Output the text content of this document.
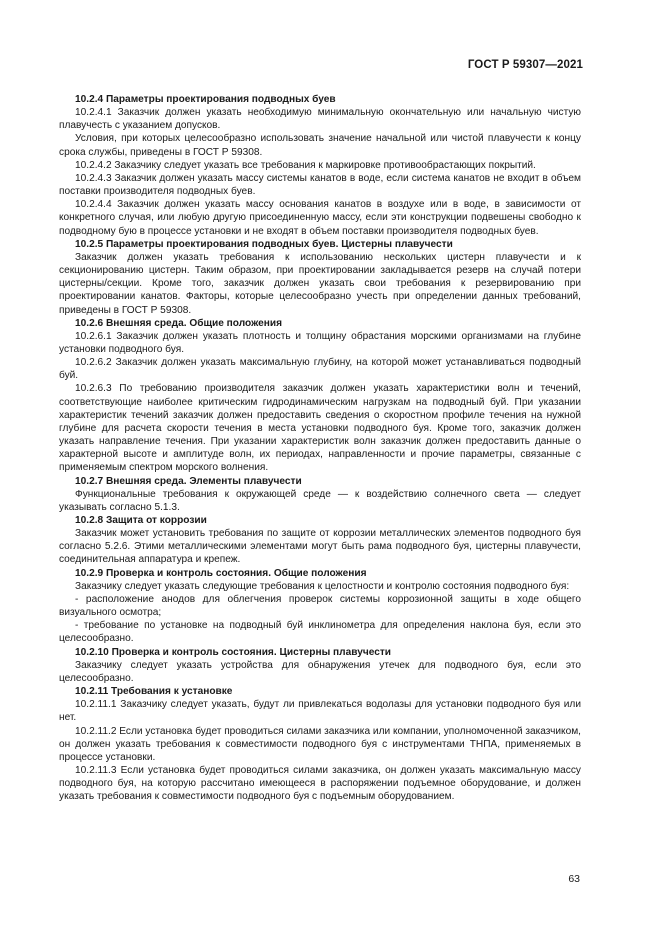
ГОСТ Р 59307—2021

10.2.4 Параметры проектирования подводных буев

10.2.4.1 Заказчик должен указать необходимую минимальную окончательную или начальную чистую плавучесть с указанием допусков.

Условия, при которых целесообразно использовать значение начальной или чистой плавучести к концу срока службы, приведены в ГОСТ Р 59308.

10.2.4.2 Заказчику следует указать все требования к маркировке противообрастающих покрытий.

10.2.4.3 Заказчик должен указать массу системы канатов в воде, если система канатов не входит в объем поставки производителя подводных буев.

10.2.4.4 Заказчик должен указать массу основания канатов в воздухе или в воде, в зависимости от конкретного случая, или любую другую присоединенную массу, если эти конструкции подвешены свободно к подводному бую в процессе установки и не входят в объем поставки производителя подводных буев.

10.2.5 Параметры проектирования подводных буев. Цистерны плавучести

Заказчик должен указать требования к использованию нескольких цистерн плавучести и к секционированию цистерн. Таким образом, при проектировании закладывается резерв на случай потери цистерны/секции. Кроме того, заказчик должен указать свои требования к резервированию при проектировании канатов. Факторы, которые целесообразно учесть при определении данных требований, приведены в ГОСТ Р 59308.

10.2.6 Внешняя среда. Общие положения

10.2.6.1 Заказчик должен указать плотность и толщину обрастания морскими организмами на глубине установки подводного буя.

10.2.6.2 Заказчик должен указать максимальную глубину, на которой может устанавливаться подводный буй.

10.2.6.3 По требованию производителя заказчик должен указать характеристики волн и течений, соответствующие наиболее критическим гидродинамическим нагрузкам на подводный буй. При указании характеристик течений заказчик должен предоставить сведения о скоростном профиле течения на нужной глубине для расчета скорости течения в места установки подводного буя. Кроме того, заказчик должен указать направление течения. При указании характеристик волн заказчик должен предоставить данные о характерной высоте и амплитуде волн, их периодах, направленности и прочие параметры, связанные с применяемым спектром морского волнения.

10.2.7 Внешняя среда. Элементы плавучести

Функциональные требования к окружающей среде — к воздействию солнечного света — следует указывать согласно 5.1.3.

10.2.8 Защита от коррозии

Заказчик может установить требования по защите от коррозии металлических элементов подводного буя согласно 5.2.6. Этими металлическими элементами могут быть рама подводного буя, цистерны плавучести, соединительная аппаратура и крепеж.

10.2.9 Проверка и контроль состояния. Общие положения

Заказчику следует указать следующие требования к целостности и контролю состояния подводного буя:

- расположение анодов для облегчения проверок системы коррозионной защиты в ходе общего визуального осмотра;

- требование по установке на подводный буй инклинометра для определения наклона буя, если это целесообразно.

10.2.10 Проверка и контроль состояния. Цистерны плавучести

Заказчику следует указать устройства для обнаружения утечек для подводного буя, если это целесообразно.

10.2.11 Требования к установке

10.2.11.1 Заказчику следует указать, будут ли привлекаться водолазы для установки подводного буя или нет.

10.2.11.2 Если установка будет проводиться силами заказчика или компании, уполномоченной заказчиком, он должен указать требования к совместимости подводного буя с инструментами ТНПА, применяемых в процессе установки.

10.2.11.3 Если установка будет проводиться силами заказчика, он должен указать максимальную массу подводного буя, на которую рассчитано имеющееся в распоряжении подъемное оборудование, и должен указать требования к совместимости подводного буя с подъемным оборудованием.

63
